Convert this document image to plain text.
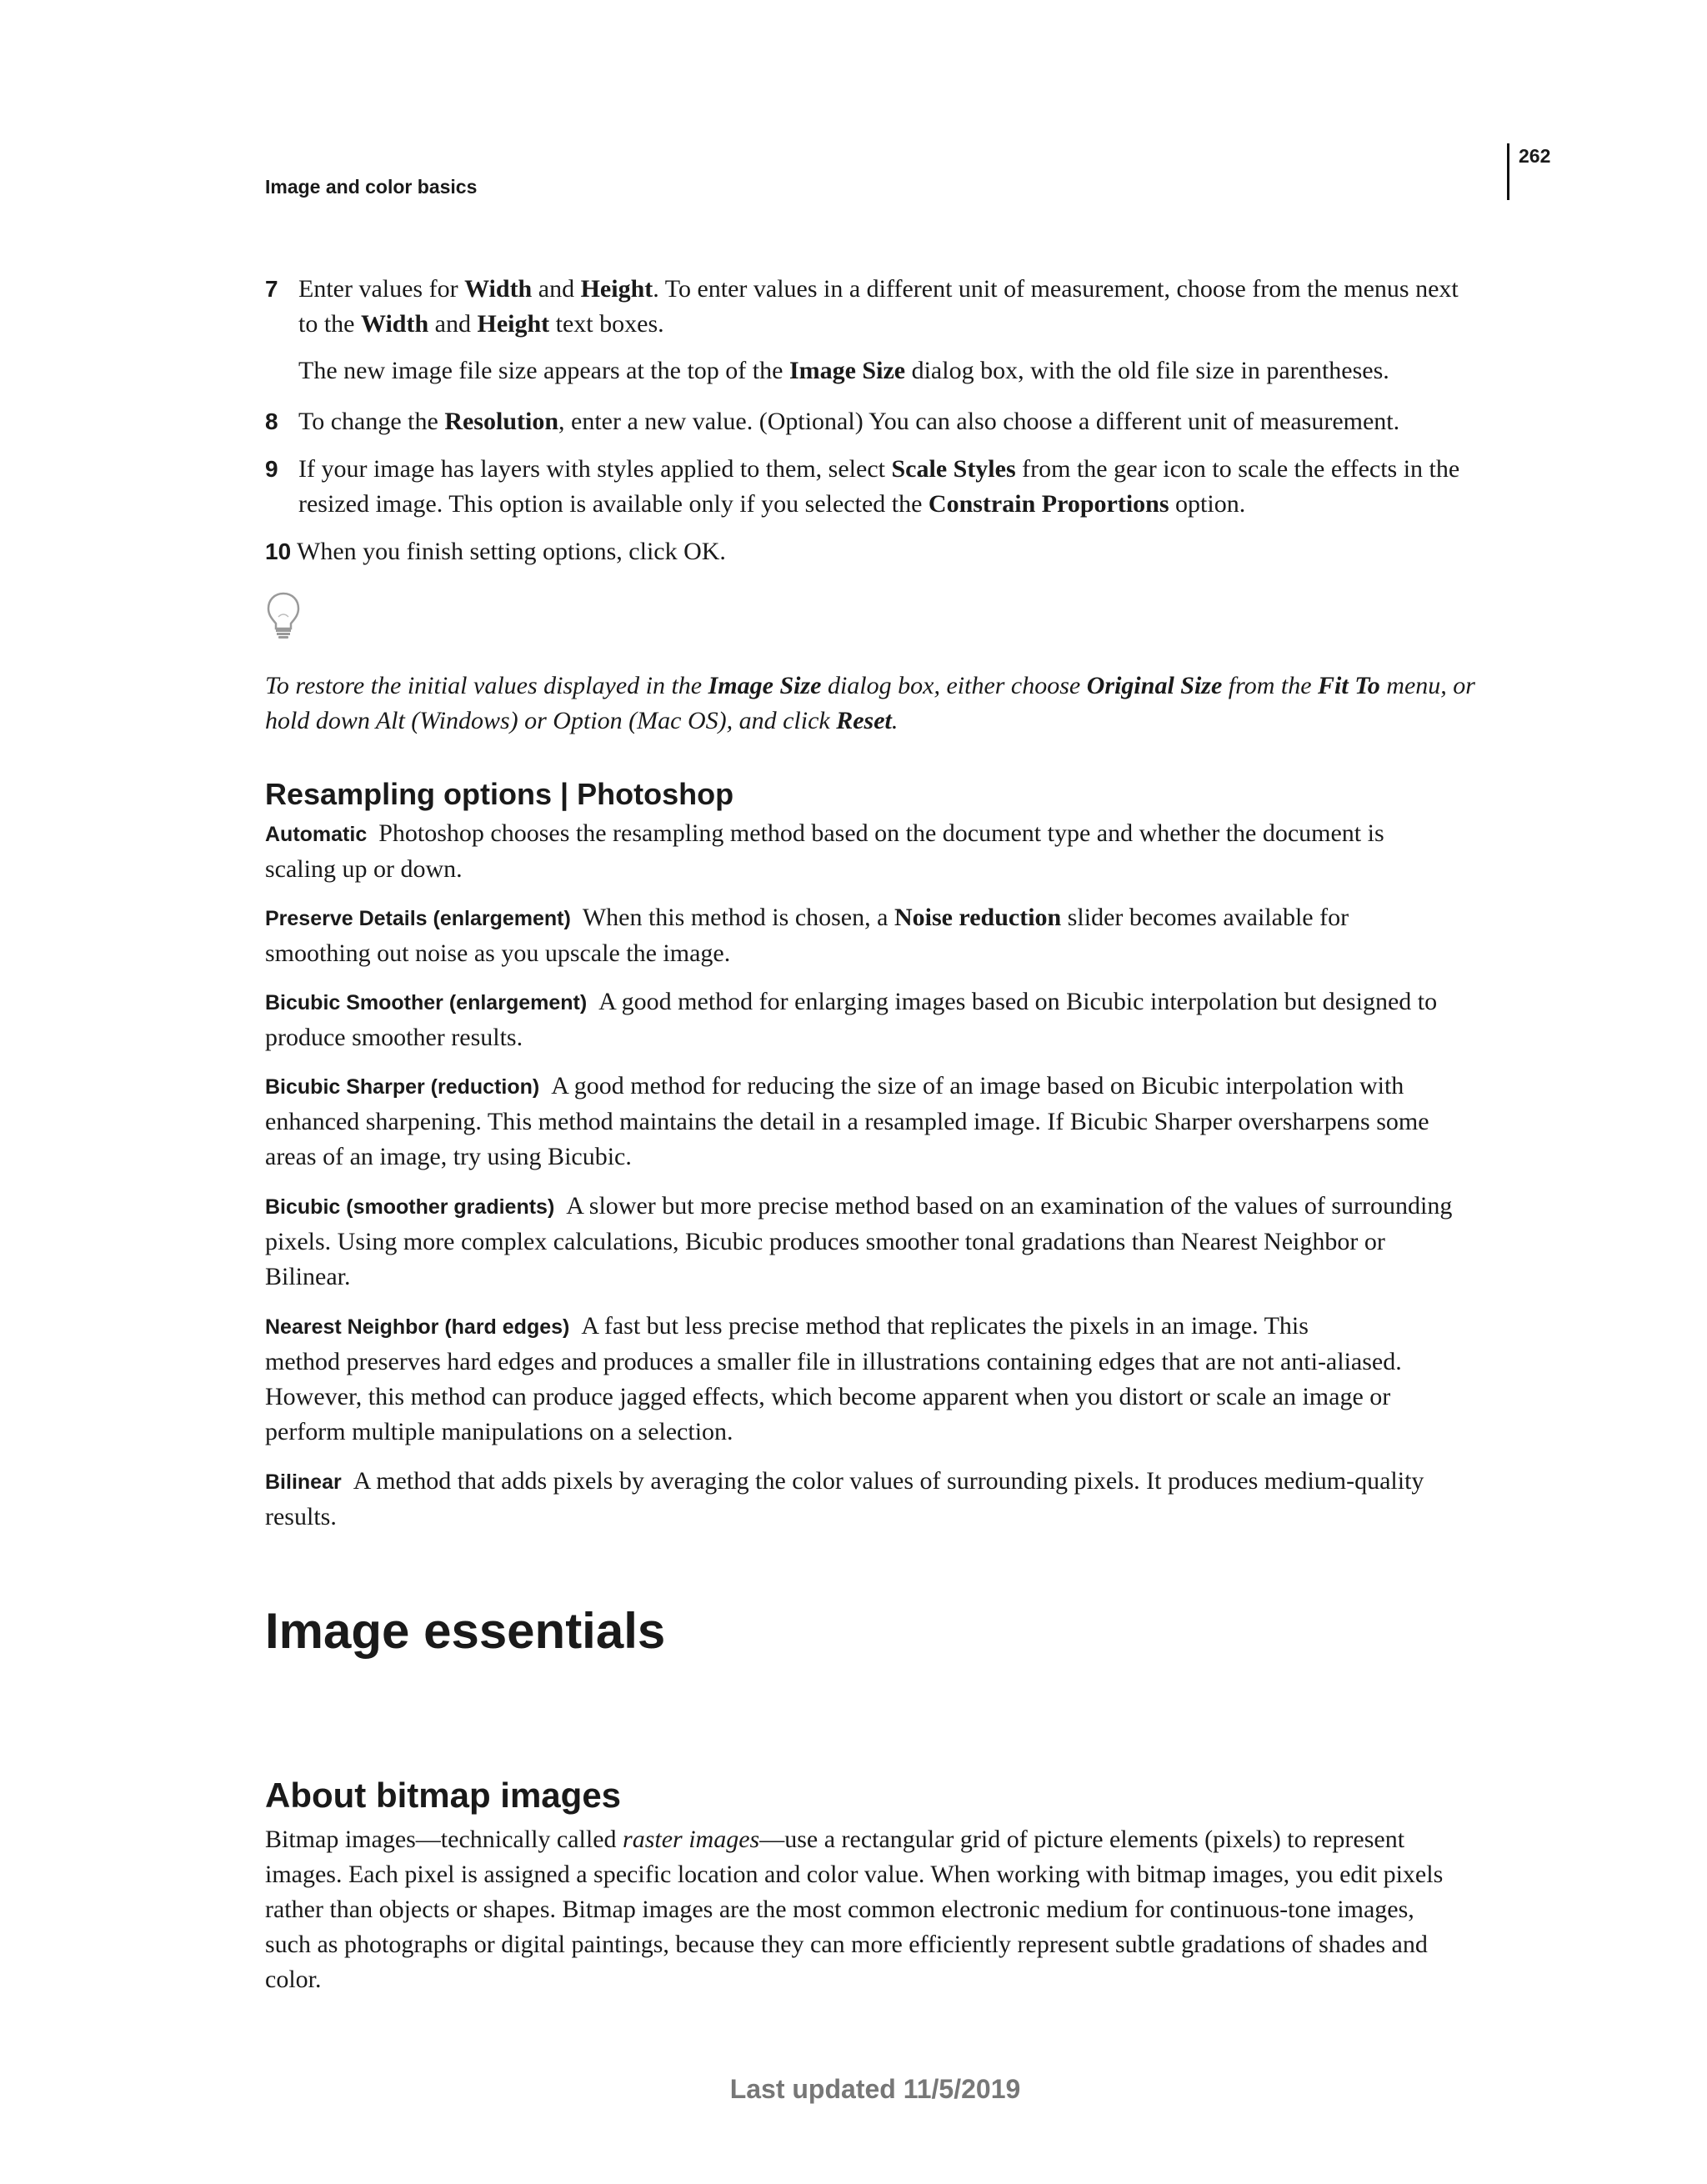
Image and color basics
262
7 Enter values for Width and Height. To enter values in a different unit of measurement, choose from the menus next
to the Width and Height text boxes.
The new image file size appears at the top of the Image Size dialog box, with the old file size in parentheses.
8 To change the Resolution, enter a new value. (Optional) You can also choose a different unit of measurement.
9 If your image has layers with styles applied to them, select Scale Styles from the gear icon to scale the effects in the
resized image. This option is available only if you selected the Constrain Proportions option.
10 When you finish setting options, click OK.
To restore the initial values displayed in the Image Size dialog box, either choose Original Size from the Fit To menu, or
hold down Alt (Windows) or Option (Mac OS), and click Reset.
Resampling options | Photoshop
Automatic Photoshop chooses the resampling method based on the document type and whether the document is
scaling up or down.
Preserve Details (enlargement) When this method is chosen, a Noise reduction slider becomes available for
smoothing out noise as you upscale the image.
Bicubic Smoother (enlargement) A good method for enlarging images based on Bicubic interpolation but designed to
produce smoother results.
Bicubic Sharper (reduction) A good method for reducing the size of an image based on Bicubic interpolation with
enhanced sharpening. This method maintains the detail in a resampled image. If Bicubic Sharper oversharpens some
areas of an image, try using Bicubic.
Bicubic (smoother gradients) A slower but more precise method based on an examination of the values of surrounding
pixels. Using more complex calculations, Bicubic produces smoother tonal gradations than Nearest Neighbor or
Bilinear.
Nearest Neighbor (hard edges) A fast but less precise method that replicates the pixels in an image. This
method preserves hard edges and produces a smaller file in illustrations containing edges that are not anti-aliased.
However, this method can produce jagged effects, which become apparent when you distort or scale an image or
perform multiple manipulations on a selection.
Bilinear A method that adds pixels by averaging the color values of surrounding pixels. It produces medium-quality
results.
Image essentials
About bitmap images
Bitmap images—technically called raster images—use a rectangular grid of picture elements (pixels) to represent
images. Each pixel is assigned a specific location and color value. When working with bitmap images, you edit pixels
rather than objects or shapes. Bitmap images are the most common electronic medium for continuous-tone images,
such as photographs or digital paintings, because they can more efficiently represent subtle gradations of shades and
color.
Last updated 11/5/2019
